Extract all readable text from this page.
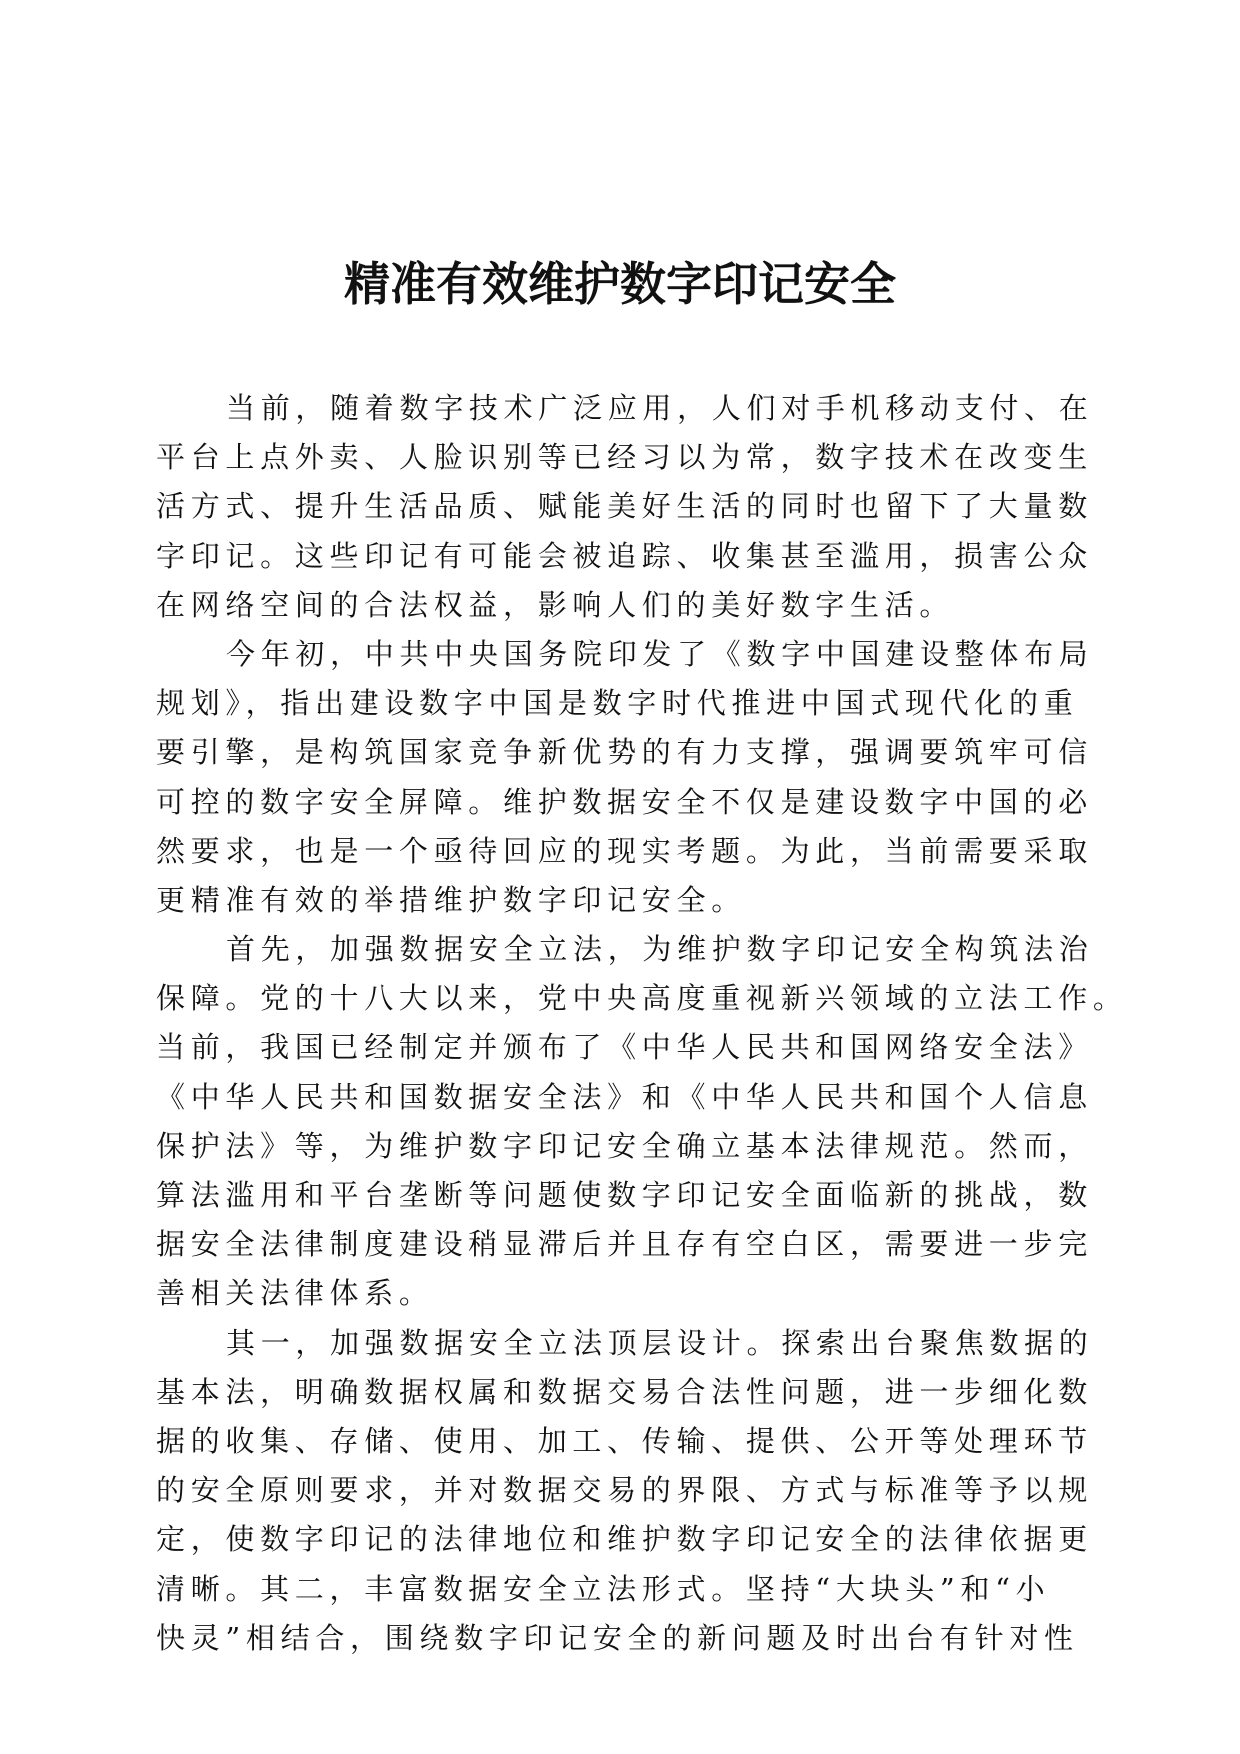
精准有效维护数字印记安全
当前，随着数字技术广泛应用，人们对手机移动支付、在
平台上点外卖、人脸识别等已经习以为常，数字技术在改变生
活方式、提升生活品质、赋能美好生活的同时也留下了大量数
字印记。这些印记有可能会被追踪、收集甚至滥用，损害公众
在网络空间的合法权益，影响人们的美好数字生活。
今年初，中共中央国务院印发了《数字中国建设整体布局
规划》，指出建设数字中国是数字时代推进中国式现代化的重
要引擎，是构筑国家竞争新优势的有力支撑，强调要筑牢可信
可控的数字安全屏障。维护数据安全不仅是建设数字中国的必
然要求，也是一个亟待回应的现实考题。为此，当前需要采取
更精准有效的举措维护数字印记安全。
首先，加强数据安全立法，为维护数字印记安全构筑法治
保障。党的十八大以来，党中央高度重视新兴领域的立法工作。
当前，我国已经制定并颁布了《中华人民共和国网络安全法》
《中华人民共和国数据安全法》和《中华人民共和国个人信息
保护法》等，为维护数字印记安全确立基本法律规范。然而，
算法滥用和平台垄断等问题使数字印记安全面临新的挑战，数
据安全法律制度建设稍显滞后并且存有空白区，需要进一步完
善相关法律体系。
其一，加强数据安全立法顶层设计。探索出台聚焦数据的
基本法，明确数据权属和数据交易合法性问题，进一步细化数
据的收集、存储、使用、加工、传输、提供、公开等处理环节
的安全原则要求，并对数据交易的界限、方式与标准等予以规
定，使数字印记的法律地位和维护数字印记安全的法律依据更
清晰。其二，丰富数据安全立法形式。坚持“大块头”和“小
快灵”相结合，围绕数字印记安全的新问题及时出台有针对性
